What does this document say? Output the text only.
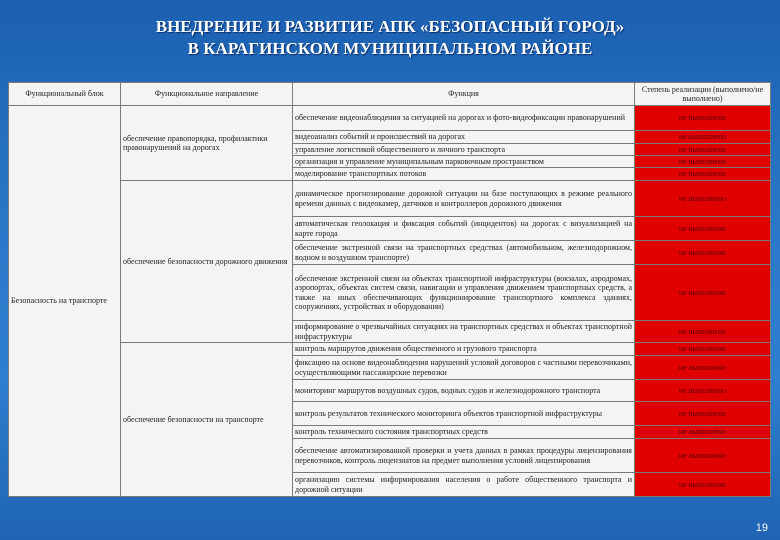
ВНЕДРЕНИЕ И РАЗВИТИЕ АПК «БЕЗОПАСНЫЙ ГОРОД»
В КАРАГИНСКОМ МУНИЦИПАЛЬНОМ РАЙОНЕ
Функциональный блок	Функциональное направление	Функция	Степень реализации (выполнено/не выполнено)
Безопасность на транспорте	обеспечение правопорядка, профилактики правонарушений на дорогах	обеспечение видеонаблюдения за ситуацией на дорогах и фото-видеофиксации правонарушений	не выполнено
		видеоанализ событий и происшествий на дорогах	не выполнено
		управление логистикой общественного и личного транспорта	не выполнено
		организация и управление муниципальным парковочным пространством	не выполнено
		моделирование транспортных потоков	не выполнено
	обеспечение безопасности дорожного движения	динамическое прогнозирование дорожной ситуации на базе поступающих в режиме реального времени данных с видеокамер, датчиков и контроллеров дорожного движения	не выполнено
		автоматическая геолокация и фиксация событий (инцидентов) на дорогах с визуализацией на карте города	не выполнено
		обеспечение экстренной связи на транспортных средствах (автомобильном, железнодорожном, водном и воздушном транспорте)	не выполнено
		обеспечение экстренной связи на объектах транспортной инфраструктуры (вокзалах, аэродромах, аэропортах, объектах систем связи, навигации и управления движением транспортных средств, а также на иных обеспечивающих функционирование транспортного комплекса зданиях, сооружениях, устройствах и оборудовании)	не выполнено
		информирование о чрезвычайных ситуациях на транспортных средствах и объектах транспортной инфраструктуры	не выполнено
	обеспечение безопасности на транспорте	контроль маршрутов движения общественного и грузового транспорта	не выполнено
		фиксацию на основе видеонаблюдения нарушений условий договоров с частными перевозчиками, осуществляющими пассажирские перевозки	не выполнено
		мониторинг маршрутов воздушных судов, водных судов и железнодорожного транспорта	не выполнено
		контроль результатов технического мониторинга объектов транспортной инфраструктуры	не выполнено
		контроль технического состояния транспортных средств	не выполнено
		обеспечение автоматизированной проверки и учета данных в рамках процедуры лицензирования перевозчиков, контроль лицензиатов на предмет выполнения условий лицензирования	не выполнено
		организацию системы информирования населения о работе общественного транспорта и дорожной ситуации	не выполнено
19
